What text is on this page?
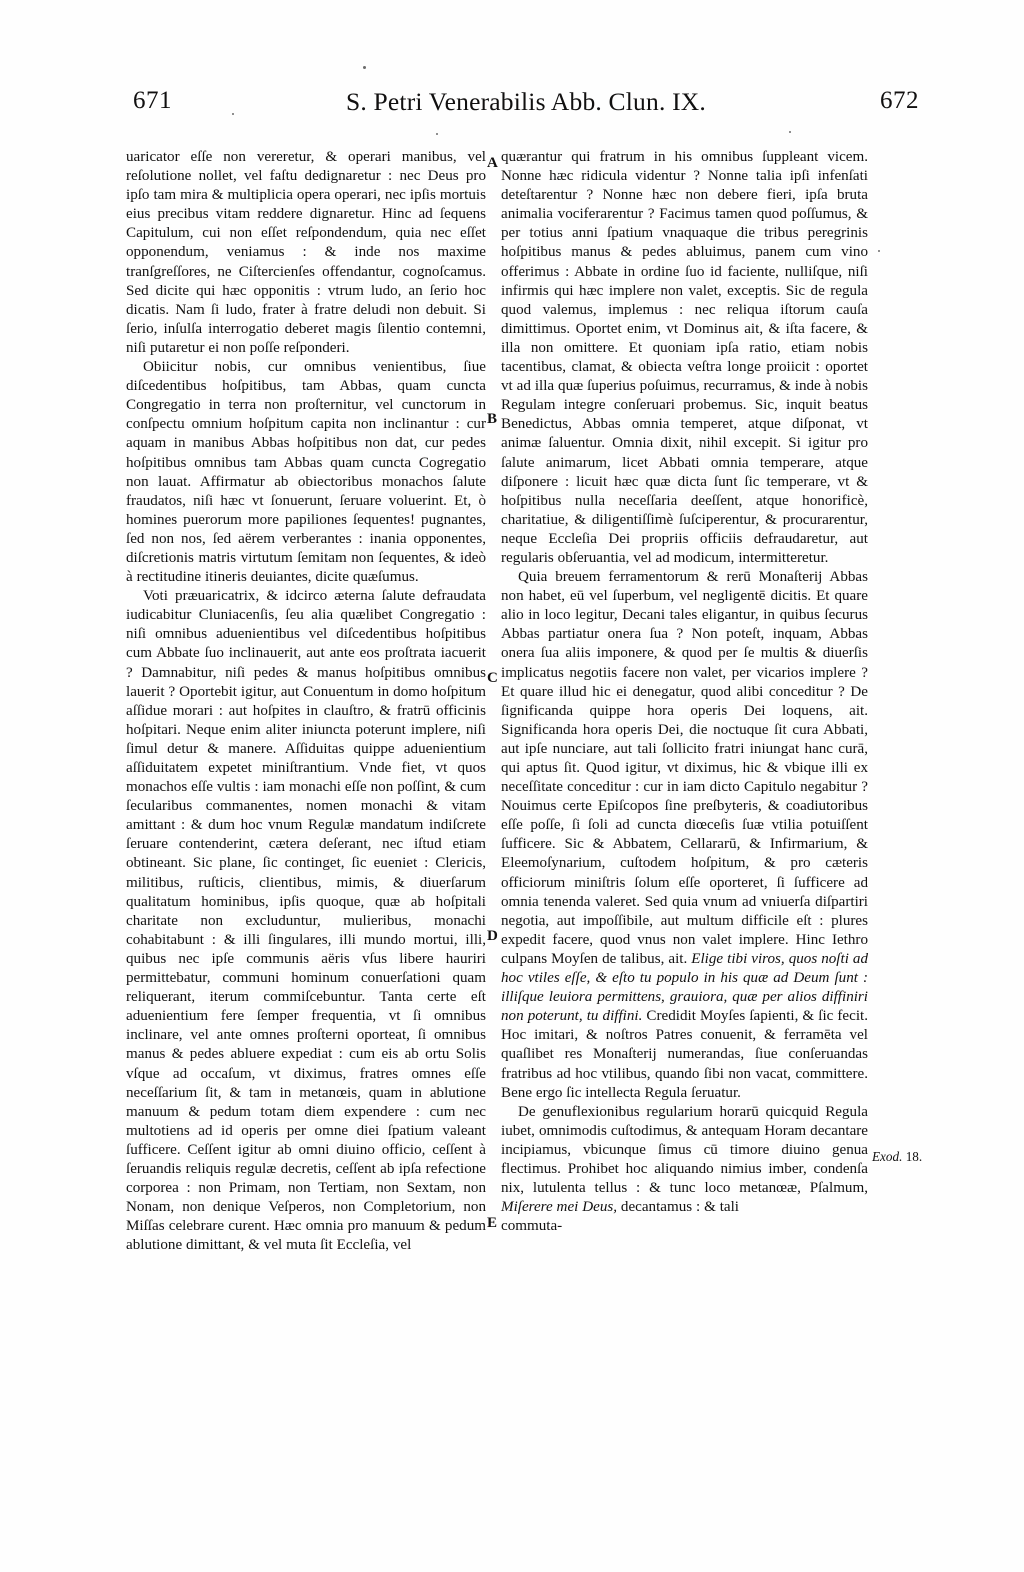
671	S. Petri Venerabilis Abb. Clun. IX.	672

uaricator eſſe non vereretur, & operari manibus, vel reſolutione nollet, vel faſtu dedignaretur : nec Deus pro ipſo tam mira & multiplicia opera operari, nec ipſis mortuis eius precibus vitam reddere dignaretur. Hinc ad ſequens Capitulum, cui non eſſet reſpondendum, quia nec eſſet opponendum, veniamus : & inde nos maxime tranſgreſſores, ne Ciſtercienſes offendantur, cognoſcamus. Sed dicite qui hæc opponitis : vtrum ludo, an ſerio hoc dicatis. Nam ſi ludo, frater à fratre deludi non debuit. Si ſerio, inſulſa interrogatio deberet magis ſilentio contemni, niſi putaretur ei non poſſe reſponderi.

Obiicitur nobis, cur omnibus venientibus, ſiue diſcedentibus hoſpitibus, tam Abbas, quam cuncta Congregatio in terra non proſternitur, vel cunctorum in conſpectu omnium hoſpitum capita non inclinantur : cur aquam in manibus Abbas hoſpitibus non dat, cur pedes hoſpitibus omnibus tam Abbas quam cuncta Cogregatio non lauat. Affirmatur ab obiectoribus monachos ſalute fraudatos, niſi hæc vt ſonuerunt, ſeruare voluerint. Et, ò homines puerorum more papiliones ſequentes! pugnantes, ſed non nos, ſed aërem verberantes : inania opponentes, diſcretionis matris virtutum ſemitam non ſequentes, & ideò à rectitudine itineris deuiantes, dicite quæſumus.

Voti præuaricatrix, & idcirco æterna ſalute defraudata iudicabitur Cluniacenſis, ſeu alia quælibet Congregatio : niſi omnibus aduenientibus vel diſcedentibus hoſpitibus cum Abbate ſuo inclinauerit, aut ante eos proſtrata iacuerit ? Damnabitur, niſi pedes & manus hoſpitibus omnibus lauerit ? Oportebit igitur, aut Conuentum in domo hoſpitum aſſidue morari : aut hoſpites in clauſtro, & fratrū officinis hoſpitari. Neque enim aliter iniuncta poterunt implere, niſi ſimul detur & manere. Aſſiduitas quippe aduenientium aſſiduitatem expetet miniſtrantium. Vnde fiet, vt quos monachos eſſe vultis : iam monachi eſſe non poſſint, & cum ſecularibus commanentes, nomen monachi & vitam amittant : & dum hoc vnum Regulæ mandatum indiſcrete ſeruare contenderint, cætera deſerant, nec iſtud etiam obtineant. Sic plane, ſic continget, ſic eueniet : Clericis, militibus, ruſticis, clientibus, mimis, & diuerſarum qualitatum hominibus, ipſis quoque, quæ ab hoſpitali charitate non excluduntur, mulieribus, monachi cohabitabunt : & illi ſingulares, illi mundo mortui, illi, quibus nec ipſe communis aëris vſus libere hauriri permittebatur, communi hominum conuerſationi quam reliquerant, iterum commiſcebuntur. Tanta certe eſt aduenientium fere ſemper frequentia, vt ſi omnibus inclinare, vel ante omnes proſterni oporteat, ſi omnibus manus & pedes abluere expediat : cum eis ab ortu Solis vſque ad occaſum, vt diximus, fratres omnes eſſe neceſſarium ſit, & tam in metanœis, quam in ablutione manuum & pedum totam diem expendere : cum nec multotiens ad id operis per omne diei ſpatium valeant ſufficere. Ceſſent igitur ab omni diuino officio, ceſſent à ſeruandis reliquis regulæ decretis, ceſſent ab ipſa refectione corporea : non Primam, non Tertiam, non Sextam, non Nonam, non denique Veſperos, non Completorium, non Miſſas celebrare curent. Hæc omnia pro manuum & pedum ablutione dimittant, & vel muta ſit Eccleſia, vel

quærantur qui fratrum in his omnibus ſuppleant vicem. Nonne hæc ridicula videntur ? Nonne talia ipſi infenſati deteſtarentur ? Nonne hæc non debere fieri, ipſa bruta animalia vociferarentur ? Facimus tamen quod poſſumus, & per totius anni ſpatium vnaquaque die tribus peregrinis hoſpitibus manus & pedes abluimus, panem cum vino offerimus : Abbate in ordine ſuo id faciente, nulliſque, niſi infirmis qui hæc implere non valet, exceptis. Sic de regula quod valemus, implemus : nec reliqua iſtorum cauſa dimittimus. Oportet enim, vt Dominus ait, & iſta facere, & illa non omittere. Et quoniam ipſa ratio, etiam nobis tacentibus, clamat, & obiecta veſtra longe proiicit : oportet vt ad illa quæ ſuperius poſuimus, recurramus, & inde à nobis Regulam integre conſeruari probemus. Sic, inquit beatus Benedictus, Abbas omnia temperet, atque diſponat, vt animæ ſaluentur. Omnia dixit, nihil excepit. Si igitur pro ſalute animarum, licet Abbati omnia temperare, atque diſponere : licuit hæc quæ dicta ſunt ſic temperare, vt & hoſpitibus nulla neceſſaria deeſſent, atque honorificè, charitatiue, & diligentiſſimè ſuſciperentur, & procurarentur, neque Eccleſia Dei propriis officiis defraudaretur, aut regularis obſeruantia, vel ad modicum, intermitteretur.

Quia breuem ferramentorum & rerū Monaſterij Abbas non habet, eū vel ſuperbum, vel negligentē dicitis. Et quare alio in loco legitur, Decani tales eligantur, in quibus ſecurus Abbas partiatur onera ſua ? Non poteſt, inquam, Abbas onera ſua aliis imponere, & quod per ſe multis & diuerſis implicatus negotiis facere non valet, per vicarios implere ? Et quare illud hic ei denegatur, quod alibi conceditur ? De ſignificanda quippe hora operis Dei loquens, ait. Significanda hora operis Dei, die noctuque ſit cura Abbati, aut ipſe nunciare, aut tali ſollicito fratri iniungat hanc curā, qui aptus ſit. Quod igitur, vt diximus, hic & vbique illi ex neceſſitate conceditur : cur in iam dicto Capitulo negabitur ? Nouimus certe Epiſcopos ſine preſbyteris, & coadiutoribus eſſe poſſe, ſi ſoli ad cuncta diœceſis ſuæ vtilia potuiſſent ſufficere. Sic & Abbatem, Cellararū, & Infirmarium, & Eleemoſynarium, cuſtodem hoſpitum, & pro cæteris officiorum miniſtris ſolum eſſe oporteret, ſi ſufficere ad omnia tenenda valeret. Sed quia vnum ad vniuerſa diſpartiri negotia, aut impoſſibile, aut multum difficile eſt : plures expedit facere, quod vnus non valet implere. Hinc Iethro culpans Moyſen de talibus, ait. Elige tibi viros, quos noſti ad hoc vtiles eſſe, & eſto tu populo in his quæ ad Deum ſunt : illiſque leuiora permittens, grauiora, quæ per alios diffiniri non poterunt, tu diffini. Credidit Moyſes ſapienti, & ſic fecit. Hoc imitari, & noſtros Patres conuenit, & ferramēta vel quaſlibet res Monaſterij numerandas, ſiue conſeruandas fratribus ad hoc vtilibus, quando ſibi non vacat, committere. Bene ergo ſic intellecta Regula ſeruatur.

De genuflexionibus regularium horarū quicquid Regula iubet, omnimodis cuſtodimus, & antequam Horam decantare incipiamus, vbicunque ſimus cū timore diuino genua flectimus. Prohibet hoc aliquando nimius imber, condenſa nix, lutulenta tellus : & tunc loco metanœæ, Pſalmum, Miſerere mei Deus, decantamus : & tali

commuta-

A
B
C
D
E
Exod. 18.
